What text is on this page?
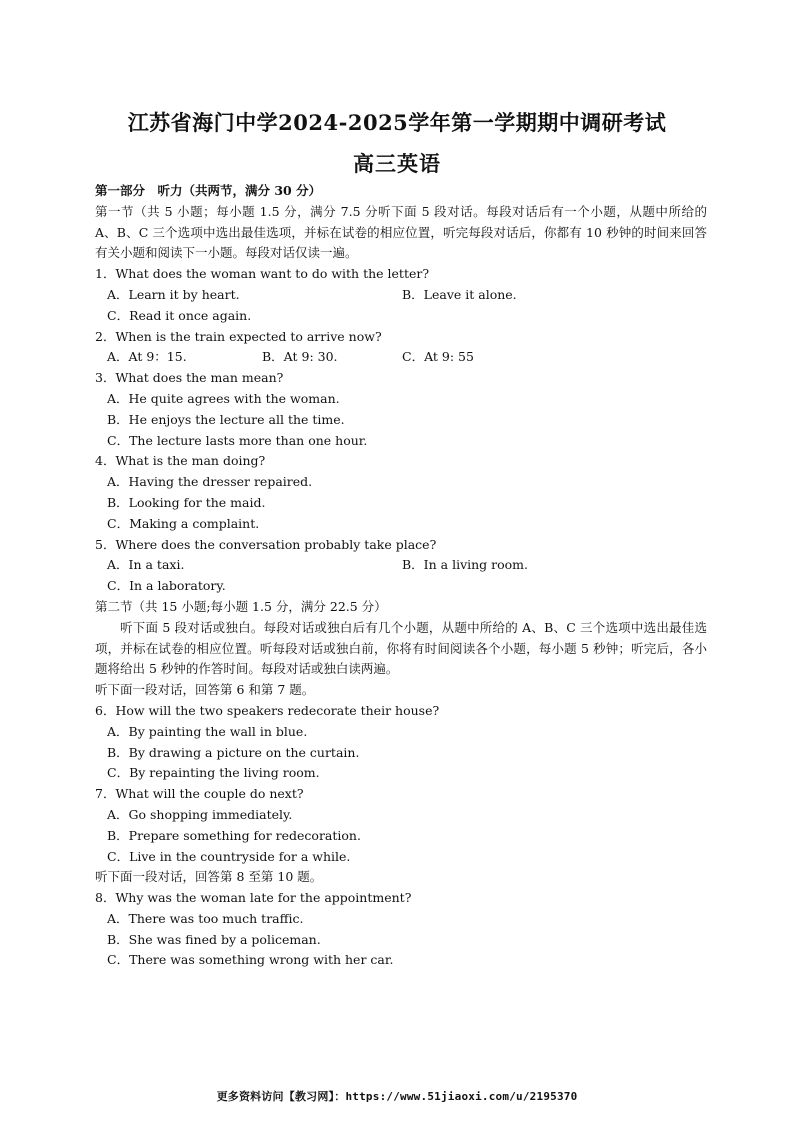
江苏省海门中学2024-2025学年第一学期期中调研考试
高三英语
第一部分　听力（共两节，满分 30 分）
第一节（共 5 小题；每小题 1.5 分，满分 7.5 分听下面 5 段对话。每段对话后有一个小题，从题中所给的 A、B、C 三个选项中选出最佳选项，并标在试卷的相应位置，听完每段对话后，你都有 10 秒钟的时间来回答有关小题和阅读下一小题。每段对话仅读一遍。
1．What does the woman want to do with the letter?
A．Learn it by heart.	B．Leave it alone.
C．Read it once again.
2．When is the train expected to arrive now?
A．At 9：15.	B．At 9: 30.	C．At 9: 55
3．What does the man mean?
A．He quite agrees with the woman.
B．He enjoys the lecture all the time.
C．The lecture lasts more than one hour.
4．What is the man doing?
A．Having the dresser repaired.
B．Looking for the maid.
C．Making a complaint.
5．Where does the conversation probably take place?
A．In a taxi.	B．In a living room.
C．In a laboratory.
第二节（共 15 小题;每小题 1.5 分，满分 22.5 分）
听下面 5 段对话或独白。每段对话或独白后有几个小题，从题中所给的 A、B、C 三个选项中选出最佳选项，并标在试卷的相应位置。听每段对话或独白前，你将有时间阅读各个小题，每小题 5 秒钟；听完后，各小题将给出 5 秒钟的作答时间。每段对话或独白读两遍。
听下面一段对话，回答第 6 和第 7 题。
6．How will the two speakers redecorate their house?
A．By painting the wall in blue.
B．By drawing a picture on the curtain.
C．By repainting the living room.
7．What will the couple do next?
A．Go shopping immediately.
B．Prepare something for redecoration.
C．Live in the countryside for a while.
听下面一段对话，回答第 8 至第 10 题。
8．Why was the woman late for the appointment?
A．There was too much traffic.
B．She was fined by a policeman.
C．There was something wrong with her car.
更多资料访问【教习网】：https://www.51jiaoxi.com/u/2195370
